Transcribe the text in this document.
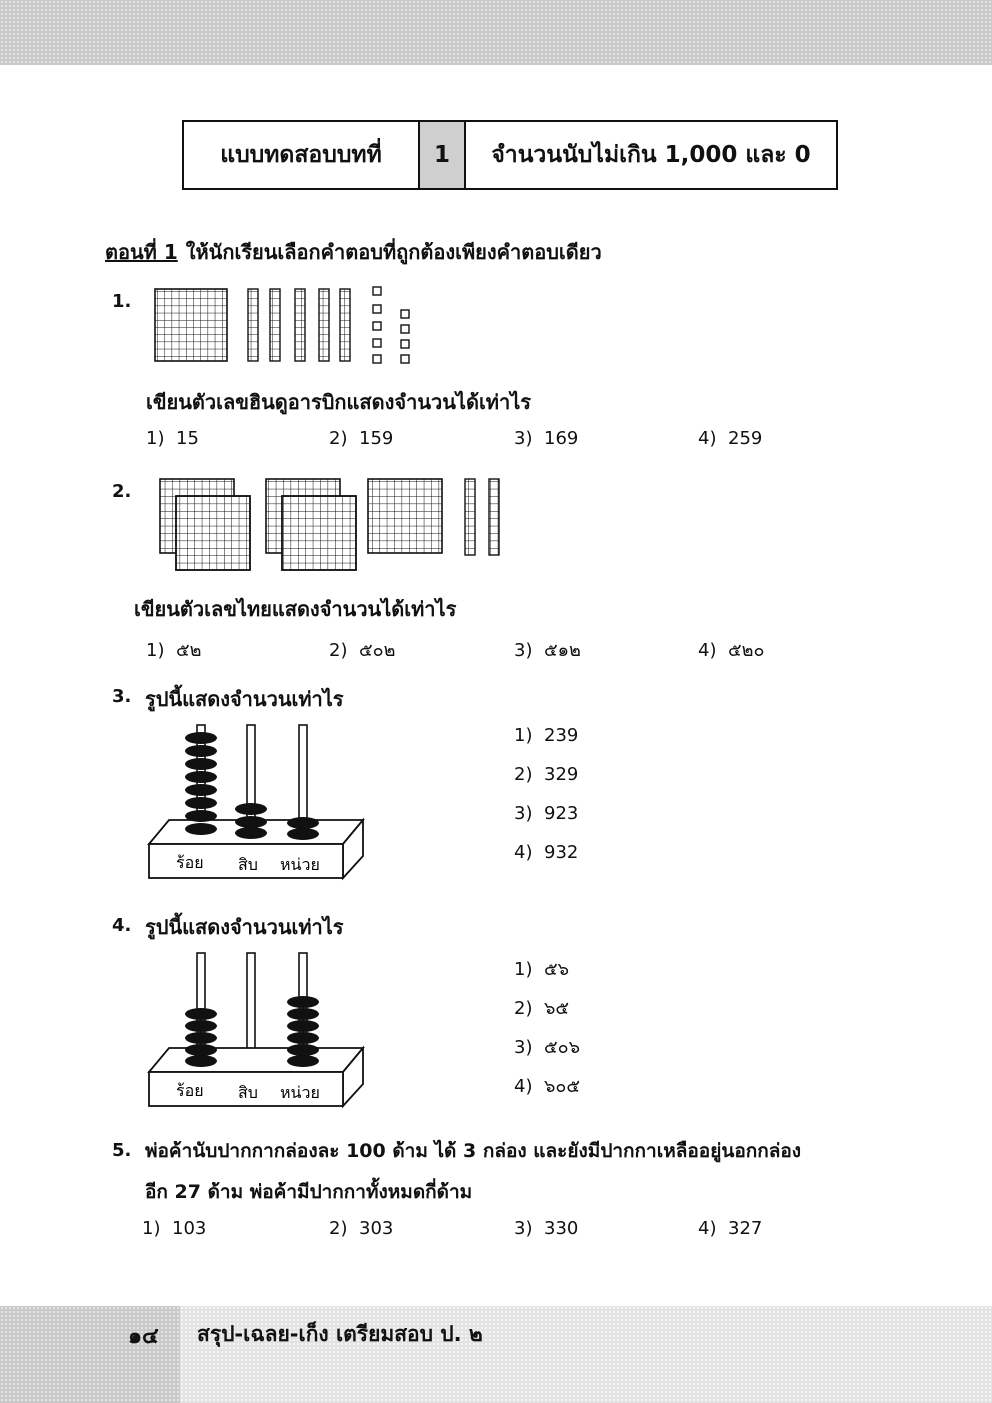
แบบทดสอบบทที่	1	จำนวนนับไม่เกิน 1,000 และ 0
ตอนที่ 1 ให้นักเรียนเลือกคำตอบที่ถูกต้องเพียงคำตอบเดียว
1.
เขียนตัวเลขฮินดูอารบิกแสดงจำนวนได้เท่าไร
1) 15	2) 159	3) 169	4) 259
2.
เขียนตัวเลขไทยแสดงจำนวนได้เท่าไร
1) ๕๒	2) ๕๐๒	3) ๕๑๒	4) ๕๒๐
3. รูปนี้แสดงจำนวนเท่าไร
ร้อย สิบ หน่วย
1) 239
2) 329
3) 923
4) 932
4. รูปนี้แสดงจำนวนเท่าไร
ร้อย สิบ หน่วย
1) ๕๖
2) ๖๕
3) ๕๐๖
4) ๖๐๕
5. พ่อค้านับปากกากล่องละ 100 ด้าม ได้ 3 กล่อง และยังมีปากกาเหลืออยู่นอกกล่อง
อีก 27 ด้าม พ่อค้ามีปากกาทั้งหมดกี่ด้าม
1) 103	2) 303	3) 330	4) 327
๑๔ สรุป-เฉลย-เก็ง เตรียมสอบ ป. ๒
